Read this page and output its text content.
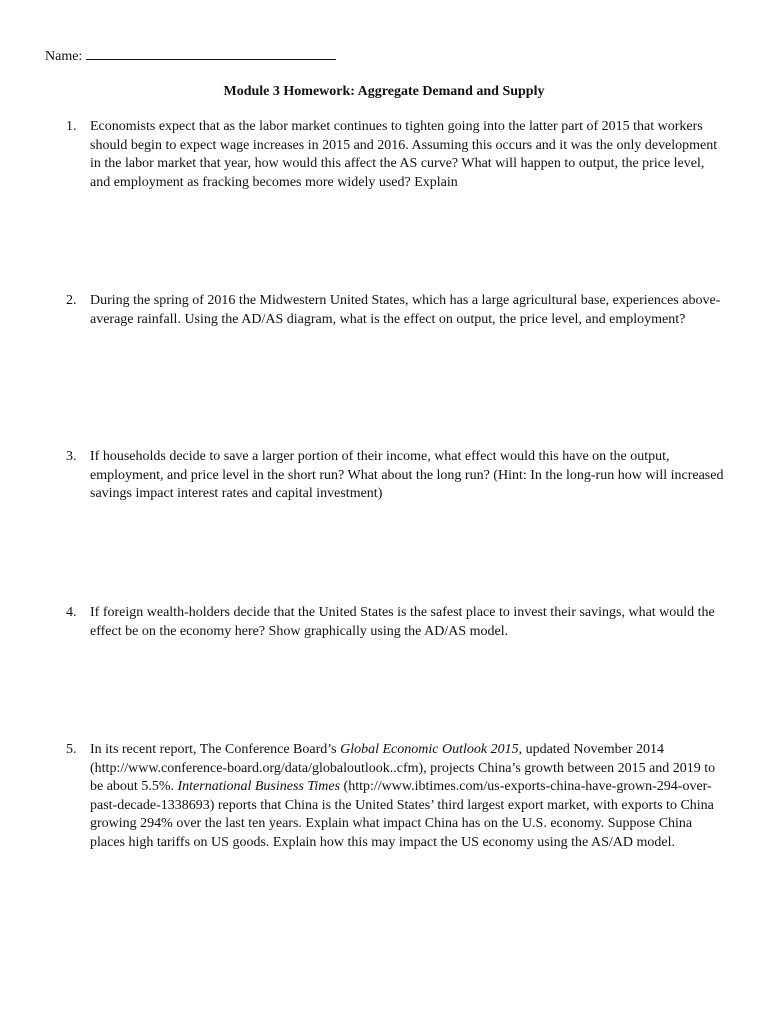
Name:
Module 3 Homework: Aggregate Demand and Supply
1. Economists expect that as the labor market continues to tighten going into the latter part of 2015 that workers should begin to expect wage increases in 2015 and 2016. Assuming this occurs and it was the only development in the labor market that year, how would this affect the AS curve? What will happen to output, the price level, and employment as fracking becomes more widely used? Explain
2. During the spring of 2016 the Midwestern United States, which has a large agricultural base, experiences above-average rainfall. Using the AD/AS diagram, what is the effect on output, the price level, and employment?
3. If households decide to save a larger portion of their income, what effect would this have on the output, employment, and price level in the short run? What about the long run? (Hint: In the long-run how will increased savings impact interest rates and capital investment)
4. If foreign wealth-holders decide that the United States is the safest place to invest their savings, what would the effect be on the economy here? Show graphically using the AD/AS model.
5. In its recent report, The Conference Board’s Global Economic Outlook 2015, updated November 2014 (http://www.conference-board.org/data/globaloutlook..cfm), projects China’s growth between 2015 and 2019 to be about 5.5%. International Business Times (http://www.ibtimes.com/us-exports-china-have-grown-294-over-past-decade-1338693) reports that China is the United States’ third largest export market, with exports to China growing 294% over the last ten years. Explain what impact China has on the U.S. economy. Suppose China places high tariffs on US goods. Explain how this may impact the US economy using the AS/AD model.
